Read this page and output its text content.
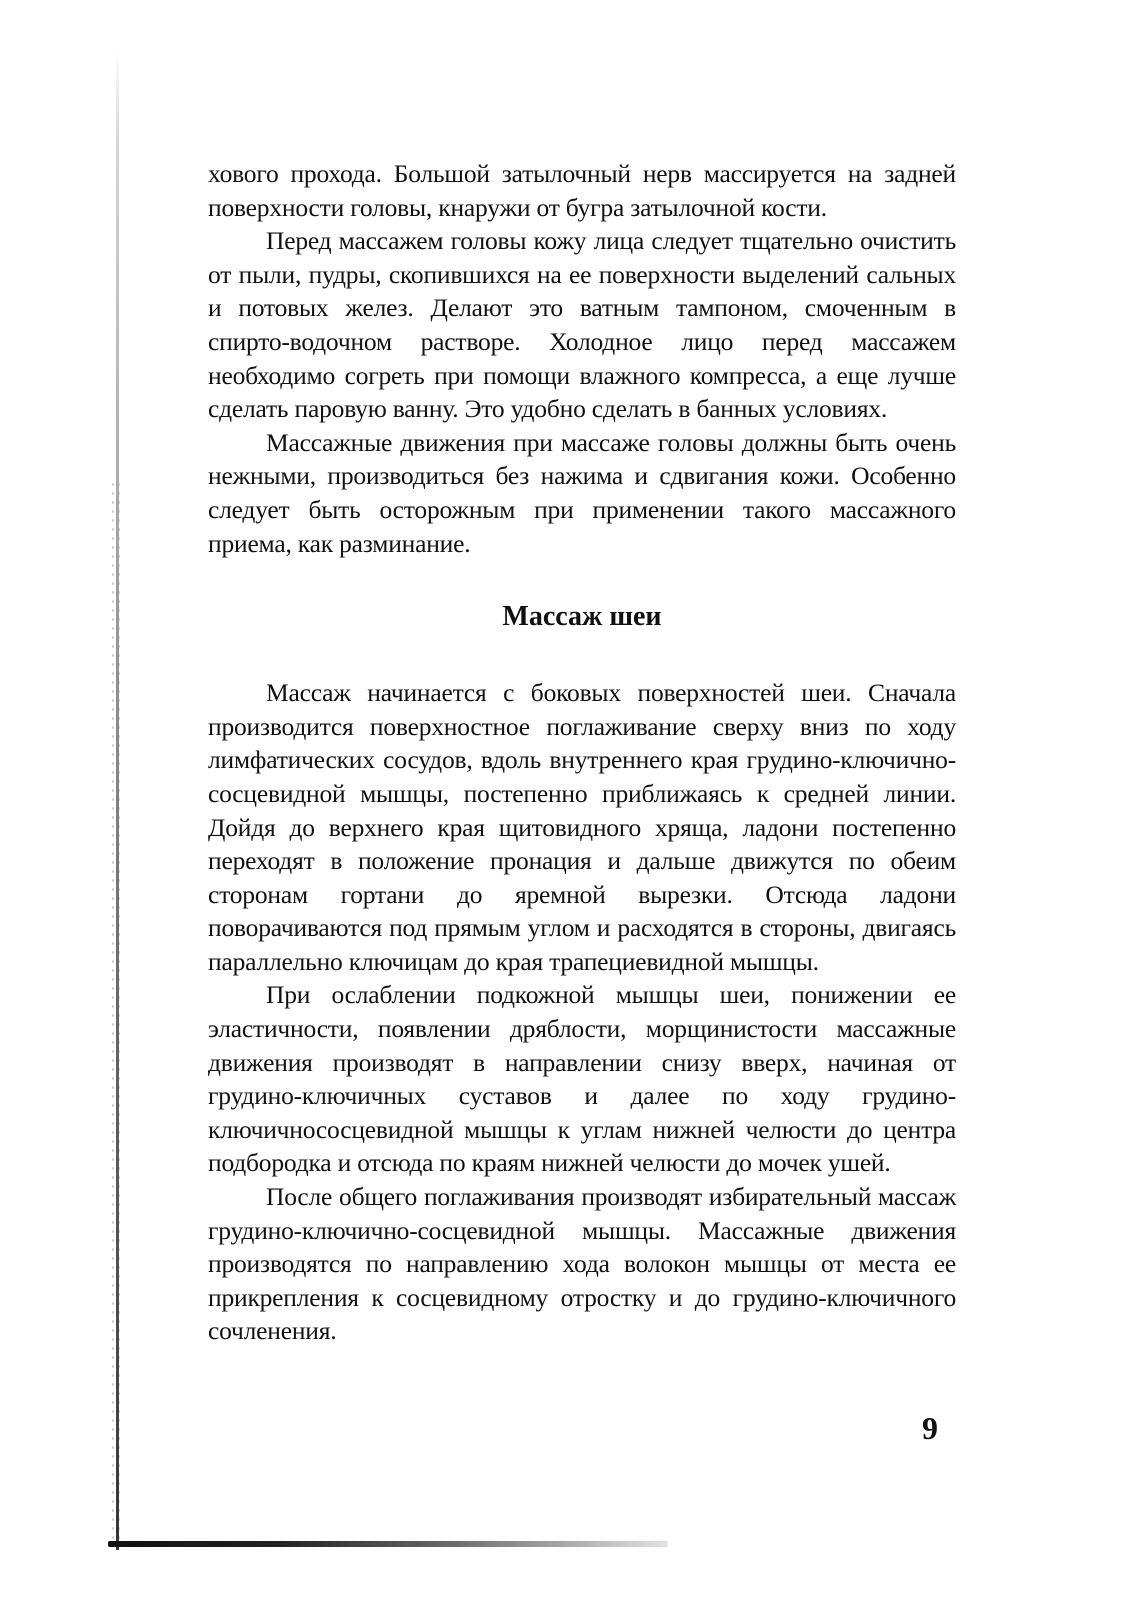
хового прохода. Большой затылочный нерв массируется на задней поверхности головы, кнаружи от бугра затылочной кости.

Перед массажем головы кожу лица следует тщательно очистить от пыли, пудры, скопившихся на ее поверхности выделений сальных и потовых желез. Делают это ватным тампоном, смоченным в спирто-водочном растворе. Холодное лицо перед массажем необходимо согреть при помощи влажного компресса, а еще лучше сделать паровую ванну. Это удобно сделать в банных условиях.

Массажные движения при массаже головы должны быть очень нежными, производиться без нажима и сдвигания кожи. Особенно следует быть осторожным при применении такого массажного приема, как разминание.

Массаж шеи

Массаж начинается с боковых поверхностей шеи. Сначала производится поверхностное поглаживание сверху вниз по ходу лимфатических сосудов, вдоль внутреннего края грудино-ключично-сосцевидной мышцы, постепенно приближаясь к средней линии. Дойдя до верхнего края щитовидного хряща, ладони постепенно переходят в положение пронация и дальше движутся по обеим сторонам гортани до яремной вырезки. Отсюда ладони поворачиваются под прямым углом и расходятся в стороны, двигаясь параллельно ключицам до края трапециевидной мышцы.

При ослаблении подкожной мышцы шеи, понижении ее эластичности, появлении дряблости, морщинистости массажные движения производят в направлении снизу вверх, начиная от грудино-ключичных суставов и далее по ходу грудино-ключичнососцевидной мышцы к углам нижней челюсти до центра подбородка и отсюда по краям нижней челюсти до мочек ушей.

После общего поглаживания производят избирательный массаж грудино-ключично-сосцевидной мышцы. Массажные движения производятся по направлению хода волокон мышцы от места ее прикрепления к сосцевидному отростку и до грудино-ключичного сочленения.

9
